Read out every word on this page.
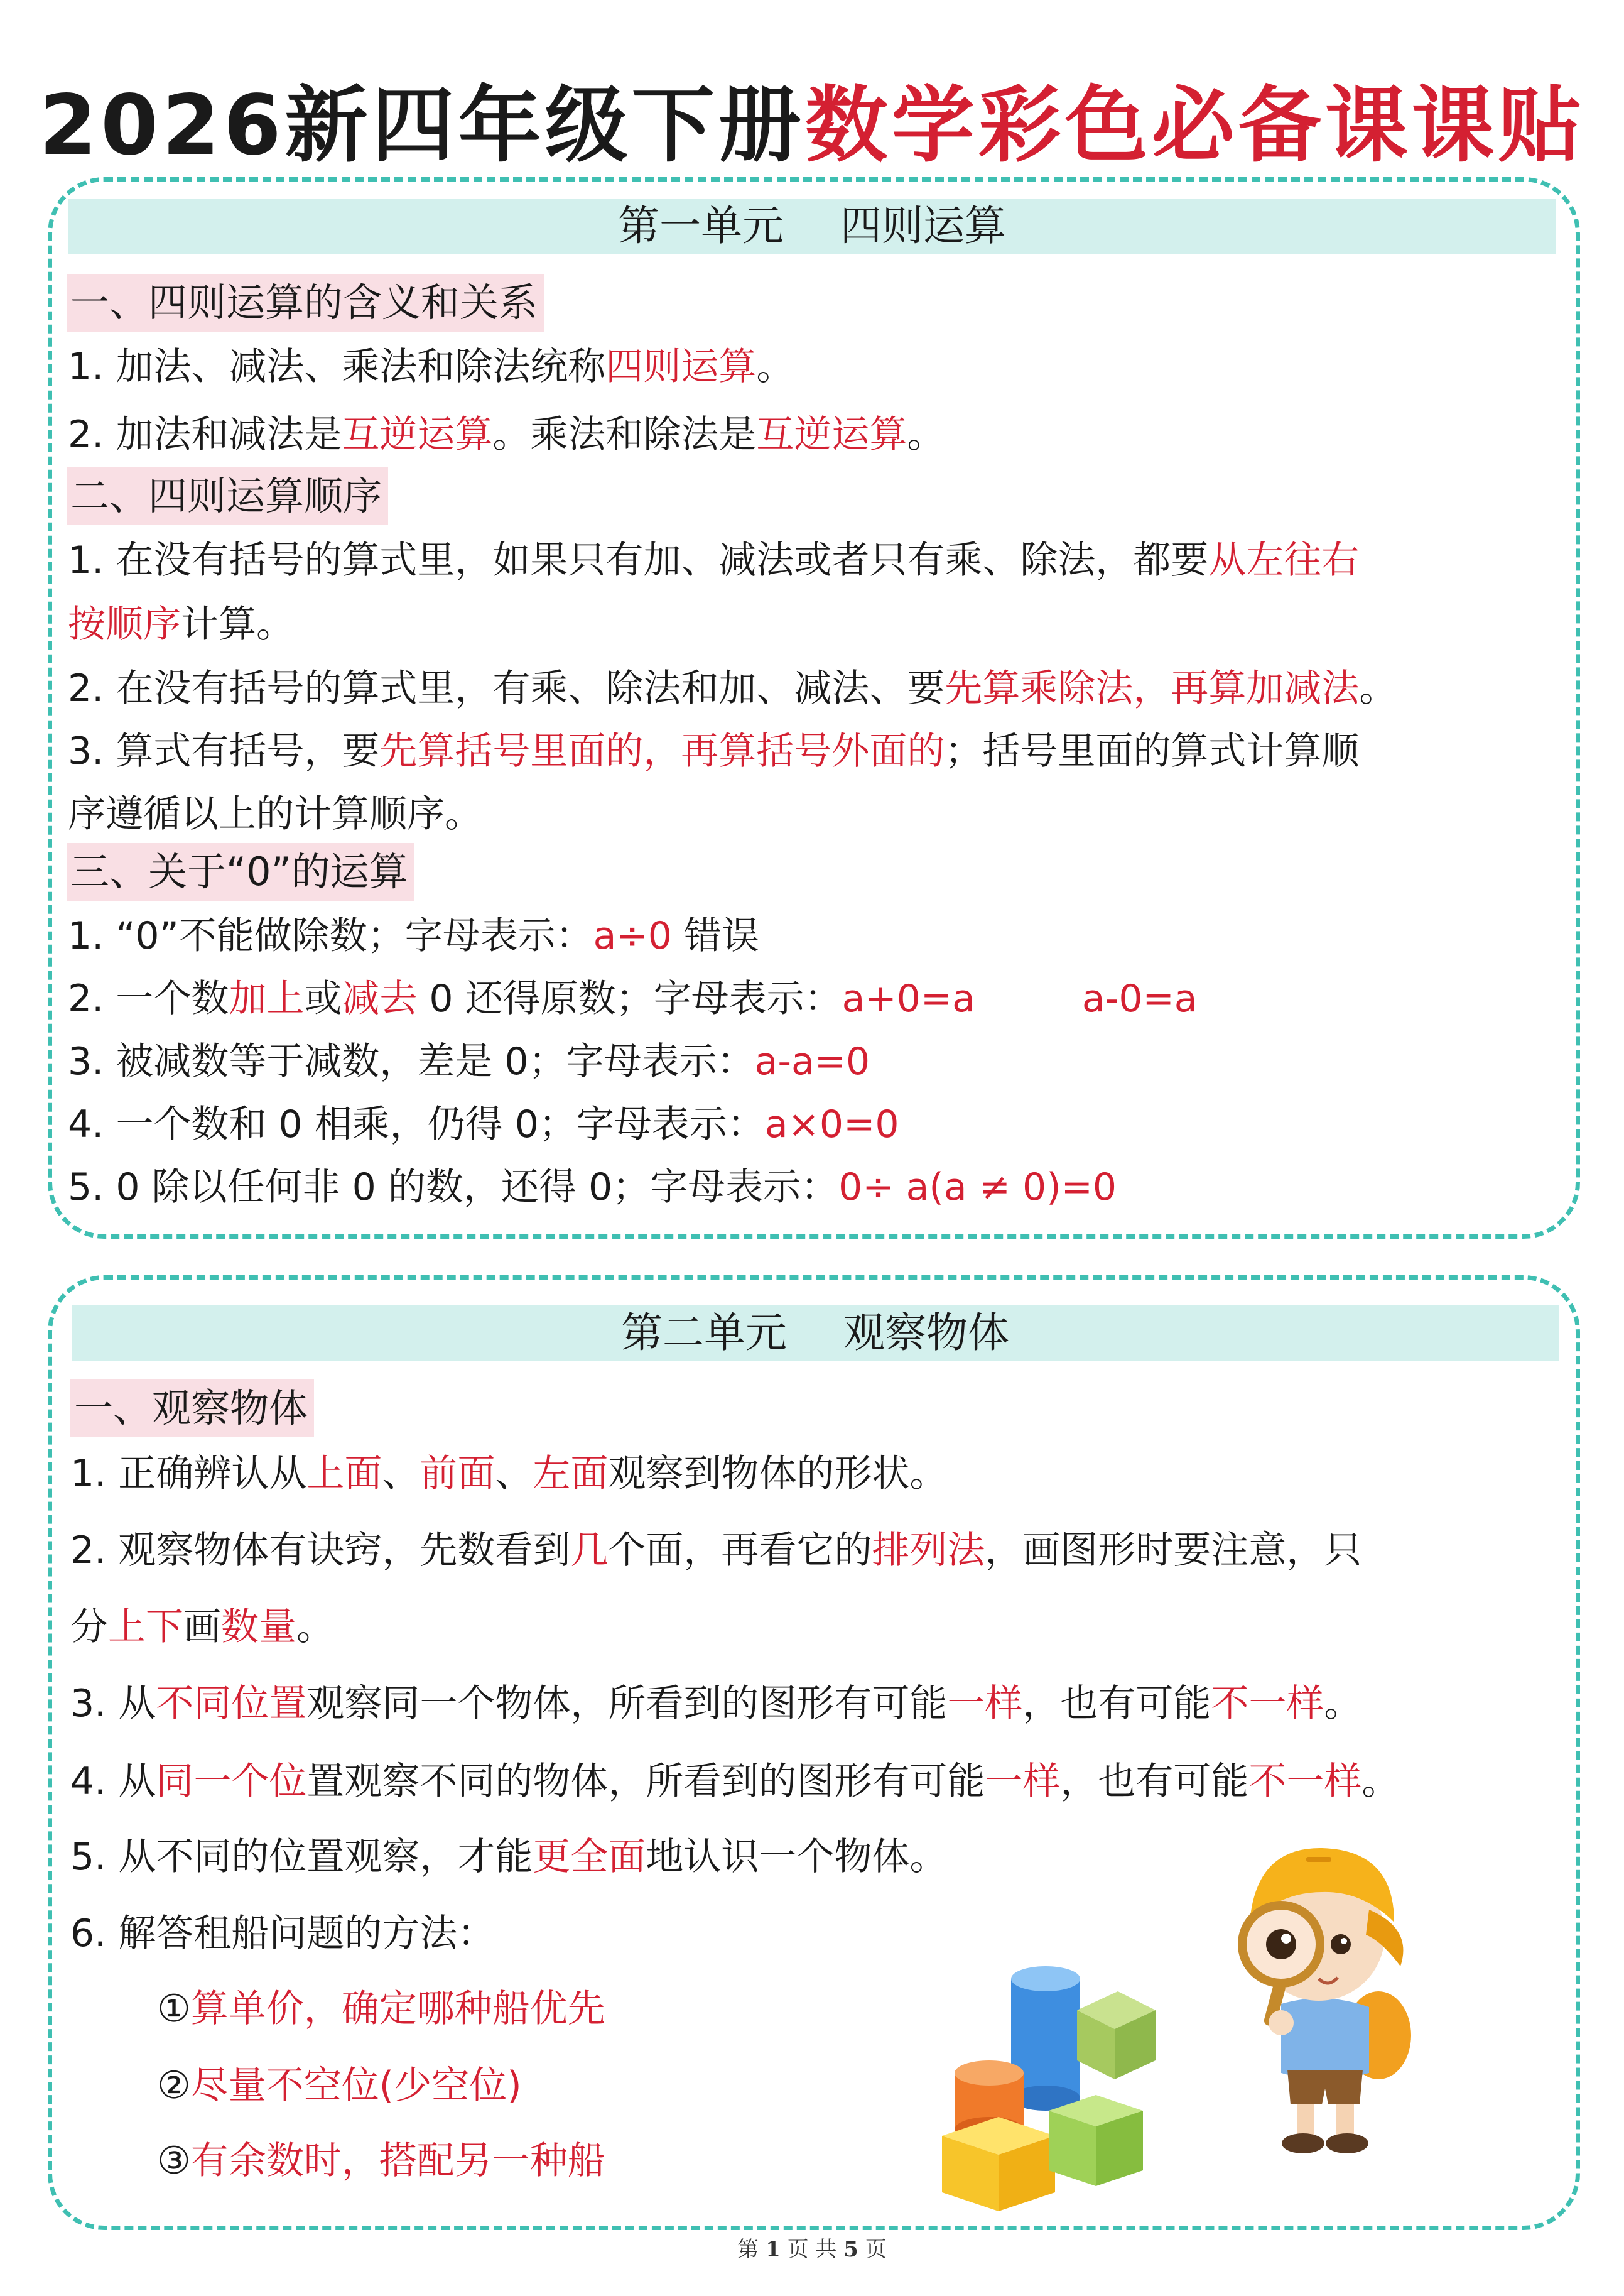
2026新四年级下册数学彩色必备课课贴
第一单元 四则运算
一、四则运算的含义和关系
1. 加法、减法、乘法和除法统称四则运算。
2. 加法和减法是互逆运算。乘法和除法是互逆运算。
二、四则运算顺序
1. 在没有括号的算式里，如果只有加、减法或者只有乘、除法，都要从左往右
按顺序计算。
2. 在没有括号的算式里，有乘、除法和加、减法、要先算乘除法，再算加减法。
3. 算式有括号，要先算括号里面的，再算括号外面的；括号里面的算式计算顺
序遵循以上的计算顺序。
三、关于“0”的运算
1. “0”不能做除数；字母表示：a÷0 错误
2. 一个数加上或减去 0 还得原数；字母表示：a+0=a	a-0=a
3. 被减数等于减数，差是 0；字母表示：a-a=0
4. 一个数和 0 相乘，仍得 0；字母表示：a×0=0
5. 0 除以任何非 0 的数，还得 0；字母表示：0÷ a(a ≠ 0)=0
第二单元 观察物体
一、观察物体
1. 正确辨认从上面、前面、左面观察到物体的形状。
2. 观察物体有诀窍，先数看到几个面，再看它的排列法，画图形时要注意，只
分上下画数量。
3. 从不同位置观察同一个物体，所看到的图形有可能一样，也有可能不一样。
4. 从同一个位置观察不同的物体，所看到的图形有可能一样，也有可能不一样。
5. 从不同的位置观察，才能更全面地认识一个物体。
6. 解答租船问题的方法：
①算单价，确定哪种船优先
②尽量不空位(少空位)
③有余数时，搭配另一种船
第 1 页 共 5 页
